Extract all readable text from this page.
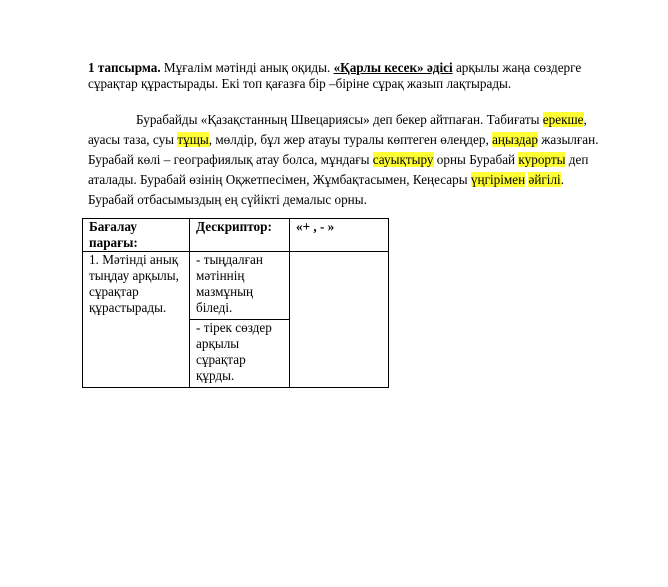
1 тапсырма. Мұғалім мәтінді анық оқиды. «Қарлы кесек» әдісі арқылы жаңа сөздерге
сұрақтар құрастырады. Екі топ қағазға бір –біріне сұрақ жазып лақтырады.
Бурабайды «Қазақстанның Швецариясы» деп бекер айтпаған. Табиғаты ерекше,
ауасы таза, суы тұщы, мөлдір, бұл жер атауы туралы көптеген өлеңдер, аңыздар жазылған.
Бурабай көлі – географиялық атау болса, мұндағы сауықтыру орны Бурабай курорты деп
аталады. Бурабай өзінің Оқжетпесімен, Жұмбақтасымен, Кеңесары үңгірімен әйгілі.
Бурабай отбасымыздың ең сүйікті демалыс орны.
Бағалау парағы:	Дескриптор:	«+ , - »
1. Мәтінді анық тыңдау арқылы, сұрақтар құрастырады.	- тыңдалған мәтіннің мазмұның біледі.	
	- тірек сөздер арқылы сұрақтар құрды.	
